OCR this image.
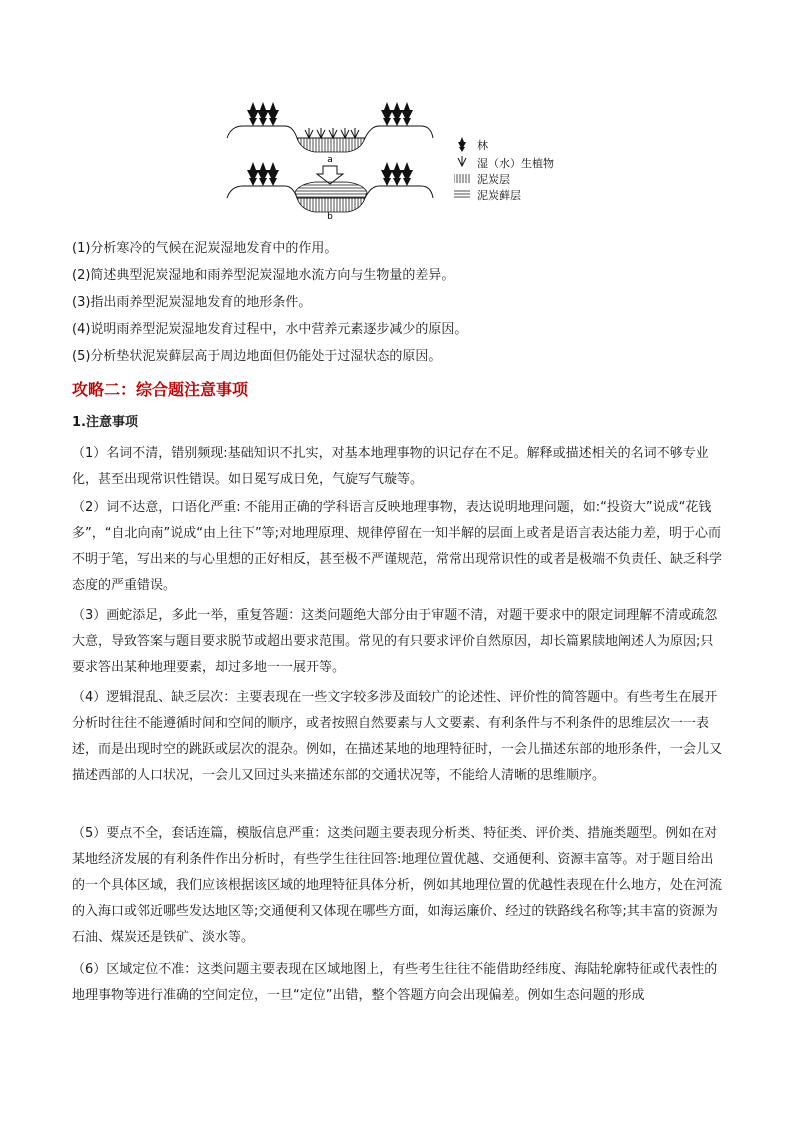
a
b
林
湿（水）生植物
泥炭层
泥炭藓层

(1)分析寒冷的气候在泥炭湿地发育中的作用。

(2)简述典型泥炭湿地和雨养型泥炭湿地水流方向与生物量的差异。

(3)指出雨养型泥炭湿地发育的地形条件。

(4)说明雨养型泥炭湿地发育过程中，水中营养元素逐步减少的原因。

(5)分析垫状泥炭藓层高于周边地面但仍能处于过湿状态的原因。

攻略二：综合题注意事项
1.注意事项

（1）名词不清，错别频现:基础知识不扎实，对基本地理事物的识记存在不足。解释或描述相关的名词不够专业化，甚至出现常识性错误。如日冕写成日免，气旋写气璇等。

（2）词不达意，口语化严重: 不能用正确的学科语言反映地理事物，表达说明地理问题，如:“投资大”说成“花钱多”，“自北向南”说成“由上往下”等;对地理原理、规律停留在一知半解的层面上或者是语言表达能力差，明于心而不明于笔，写出来的与心里想的正好相反，甚至极不严谨规范，常常出现常识性的或者是极端不负责任、缺乏科学态度的严重错误。

（3）画蛇添足，多此一举，重复答题：这类问题绝大部分由于审题不清，对题干要求中的限定词理解不清或疏忽大意，导致答案与题目要求脱节或超出要求范围。常见的有只要求评价自然原因，却长篇累牍地阐述人为原因;只要求答出某种地理要素，却过多地一一展开等。

（4）逻辑混乱、缺乏层次：主要表现在一些文字较多涉及面较广的论述性、评价性的简答题中。有些考生在展开分析时往往不能遵循时间和空间的顺序，或者按照自然要素与人文要素、有利条件与不利条件的思维层次一一表述，而是出现时空的跳跃或层次的混杂。例如，在描述某地的地理特征时，一会儿描述东部的地形条件，一会儿又描述西部的人口状况，一会儿又回过头来描述东部的交通状况等，不能给人清晰的思维顺序。

（5）要点不全，套话连篇，模版信息严重：这类问题主要表现分析类、特征类、评价类、措施类题型。例如在对某地经济发展的有利条件作出分析时，有些学生往往回答:地理位置优越、交通便利、资源丰富等。对于题目给出的一个具体区域，我们应该根据该区域的地理特征具体分析，例如其地理位置的优越性表现在什么地方，处在河流的入海口或邻近哪些发达地区等;交通便利又体现在哪些方面，如海运廉价、经过的铁路线名称等;其丰富的资源为石油、煤炭还是铁矿、淡水等。

（6）区域定位不准：这类问题主要表现在区域地图上，有些考生往往不能借助经纬度、海陆轮廓特征或代表性的地理事物等进行准确的空间定位，一旦“定位”出错，整个答题方向会出现偏差。例如生态问题的形成
